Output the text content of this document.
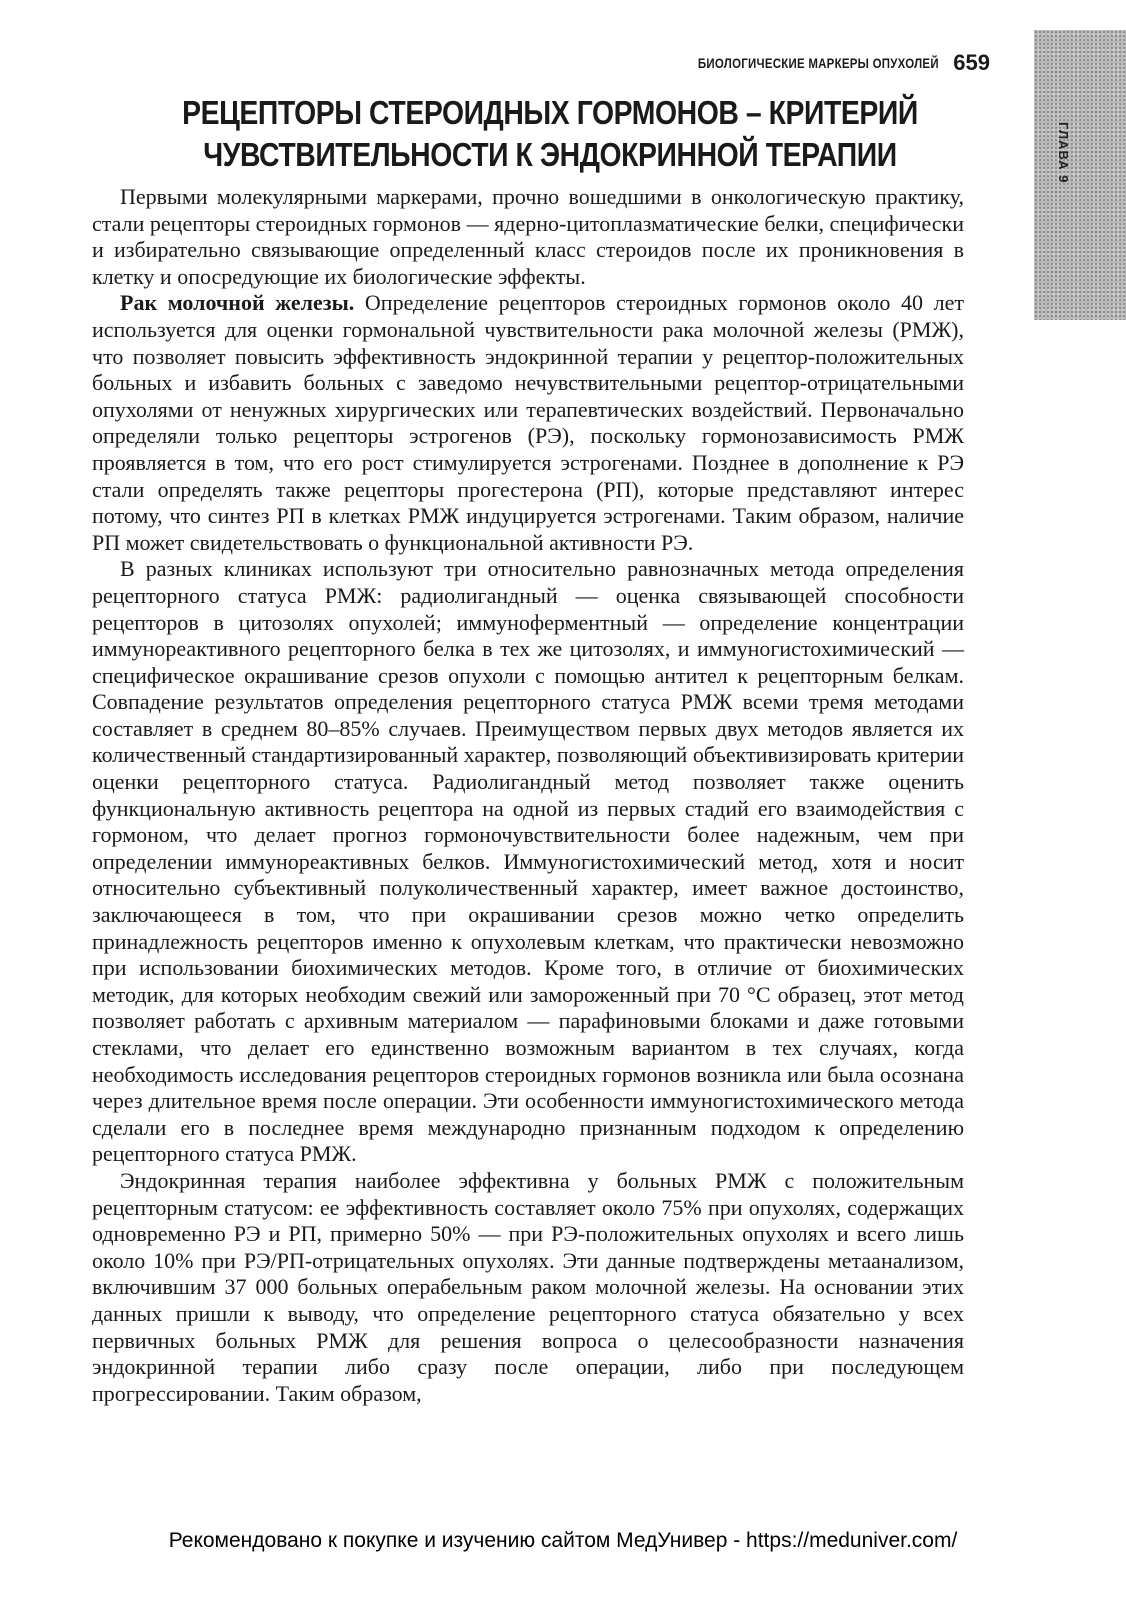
БИОЛОГИЧЕСКИЕ МАРКЕРЫ ОПУХОЛЕЙ 659
ГЛАВА 9
РЕЦЕПТОРЫ СТЕРОИДНЫХ ГОРМОНОВ – КРИТЕРИЙ
ЧУВСТВИТЕЛЬНОСТИ К ЭНДОКРИННОЙ ТЕРАПИИ

Первыми молекулярными маркерами, прочно вошедшими в онкологическую практику, стали рецепторы стероидных гормонов — ядерно-цитоплазматические белки, специфически и избирательно связывающие определенный класс стероидов после их проникновения в клетку и опосредующие их биологические эффекты.

Рак молочной железы. Определение рецепторов стероидных гормонов около 40 лет используется для оценки гормональной чувствительности рака молочной железы (РМЖ), что позволяет повысить эффективность эндокринной терапии у рецептор-положительных больных и избавить больных с заведомо нечувствительными рецептор-отрицательными опухолями от ненужных хирургических или терапевтических воздействий. Первоначально определяли только рецепторы эстрогенов (РЭ), поскольку гормонозависимость РМЖ проявляется в том, что его рост стимулируется эстрогенами. Позднее в дополнение к РЭ стали определять также рецепторы прогестерона (РП), которые представляют интерес потому, что синтез РП в клетках РМЖ индуцируется эстрогенами. Таким образом, наличие РП может свидетельствовать о функциональной активности РЭ.

В разных клиниках используют три относительно равнозначных метода определения рецепторного статуса РМЖ: радиолигандный — оценка связывающей способности рецепторов в цитозолях опухолей; иммуноферментный — определение концентрации иммунореактивного рецепторного белка в тех же цитозолях, и иммуногистохимический — специфическое окрашивание срезов опухоли с помощью антител к рецепторным белкам. Совпадение результатов определения рецепторного статуса РМЖ всеми тремя методами составляет в среднем 80–85% случаев. Преимуществом первых двух методов является их количественный стандартизированный характер, позволяющий объективизировать критерии оценки рецепторного статуса. Радиолигандный метод позволяет также оценить функциональную активность рецептора на одной из первых стадий его взаимодействия с гормоном, что делает прогноз гормоночувствительности более надежным, чем при определении иммунореактивных белков. Иммуногистохимический метод, хотя и носит относительно субъективный полуколичественный характер, имеет важное достоинство, заключающееся в том, что при окрашивании срезов можно четко определить принадлежность рецепторов именно к опухолевым клеткам, что практически невозможно при использовании биохимических методов. Кроме того, в отличие от биохимических методик, для которых необходим свежий или замороженный при 70 °С образец, этот метод позволяет работать с архивным материалом — парафиновыми блоками и даже готовыми стеклами, что делает его единственно возможным вариантом в тех случаях, когда необходимость исследования рецепторов стероидных гормонов возникла или была осознана через длительное время после операции. Эти особенности иммуногистохимического метода сделали его в последнее время международно признанным подходом к определению рецепторного статуса РМЖ.

Эндокринная терапия наиболее эффективна у больных РМЖ с положительным рецепторным статусом: ее эффективность составляет около 75% при опухолях, содержащих одновременно РЭ и РП, примерно 50% — при РЭ-положительных опухолях и всего лишь около 10% при РЭ/РП-отрицательных опухолях. Эти данные подтверждены метаанализом, включившим 37 000 больных операбельным раком молочной железы. На основании этих данных пришли к выводу, что определение рецепторного статуса обязательно у всех первичных больных РМЖ для решения вопроса о целесообразности назначения эндокринной терапии либо сразу после операции, либо при последующем прогрессировании. Таким образом,

Рекомендовано к покупке и изучению сайтом МедУнивер - https://meduniver.com/
